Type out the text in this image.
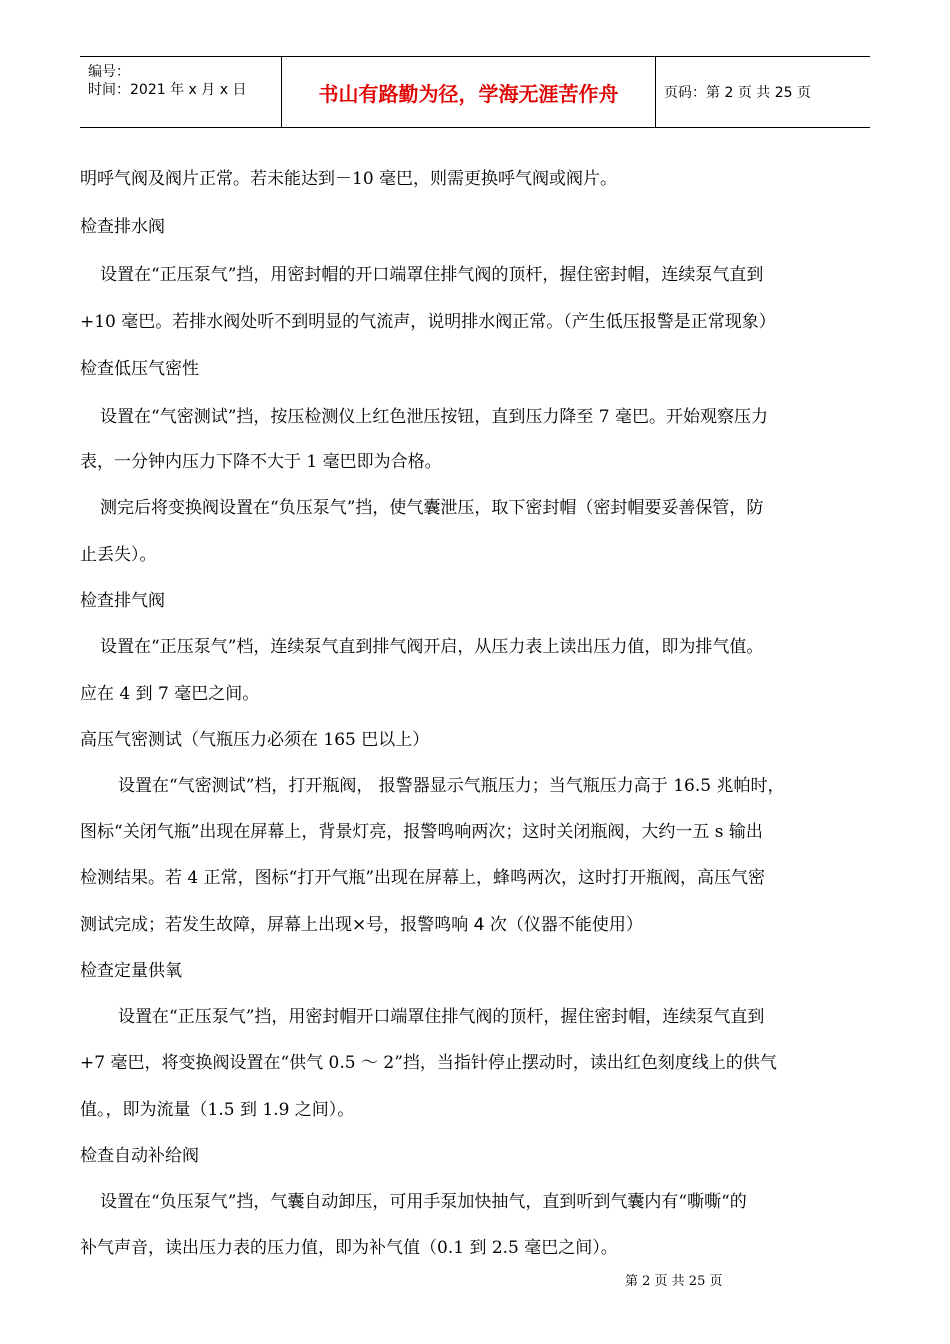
编号：
时间：2021 年 x 月 x 日	书山有路勤为径，学海无涯苦作舟	页码：第 2 页 共 25 页
明呼气阀及阀片正常。若未能达到－10 毫巴，则需更换呼气阀或阀片。
检查排水阀
设置在“正压泵气”挡，用密封帽的开口端罩住排气阀的顶杆，握住密封帽，连续泵气直到
+10 毫巴。若排水阀处听不到明显的气流声，说明排水阀正常。（产生低压报警是正常现象）
检查低压气密性
设置在“气密测试”挡，按压检测仪上红色泄压按钮，直到压力降至 7 毫巴。开始观察压力
表，一分钟内压力下降不大于 1 毫巴即为合格。
测完后将变换阀设置在“负压泵气”挡，使气囊泄压，取下密封帽（密封帽要妥善保管，防
止丢失）。
检查排气阀
设置在“正压泵气”档，连续泵气直到排气阀开启，从压力表上读出压力值，即为排气值。
应在 4 到 7 毫巴之间。
高压气密测试（气瓶压力必须在 165 巴以上）
设置在“气密测试”档，打开瓶阀， 报警器显示气瓶压力；当气瓶压力高于 16.5 兆帕时，
图标“关闭气瓶”出现在屏幕上，背景灯亮，报警鸣响两次；这时关闭瓶阀，大约一五 s 输出
检测结果。若 4 正常，图标“打开气瓶”出现在屏幕上，蜂鸣两次，这时打开瓶阀，高压气密
测试完成；若发生故障，屏幕上出现×号，报警鸣响 4 次（仪器不能使用）
检查定量供氧
设置在“正压泵气”挡，用密封帽开口端罩住排气阀的顶杆，握住密封帽，连续泵气直到
+7 毫巴，将变换阀设置在“供气 0.5 ～ 2”挡，当指针停止摆动时，读出红色刻度线上的供气
值。，即为流量（1.5 到 1.9 之间）。
检查自动补给阀
设置在“负压泵气”挡，气囊自动卸压，可用手泵加快抽气，直到听到气囊内有“嘶嘶“的
补气声音，读出压力表的压力值，即为补气值（0.1 到 2.5 毫巴之间）。
第 2 页 共 25 页
